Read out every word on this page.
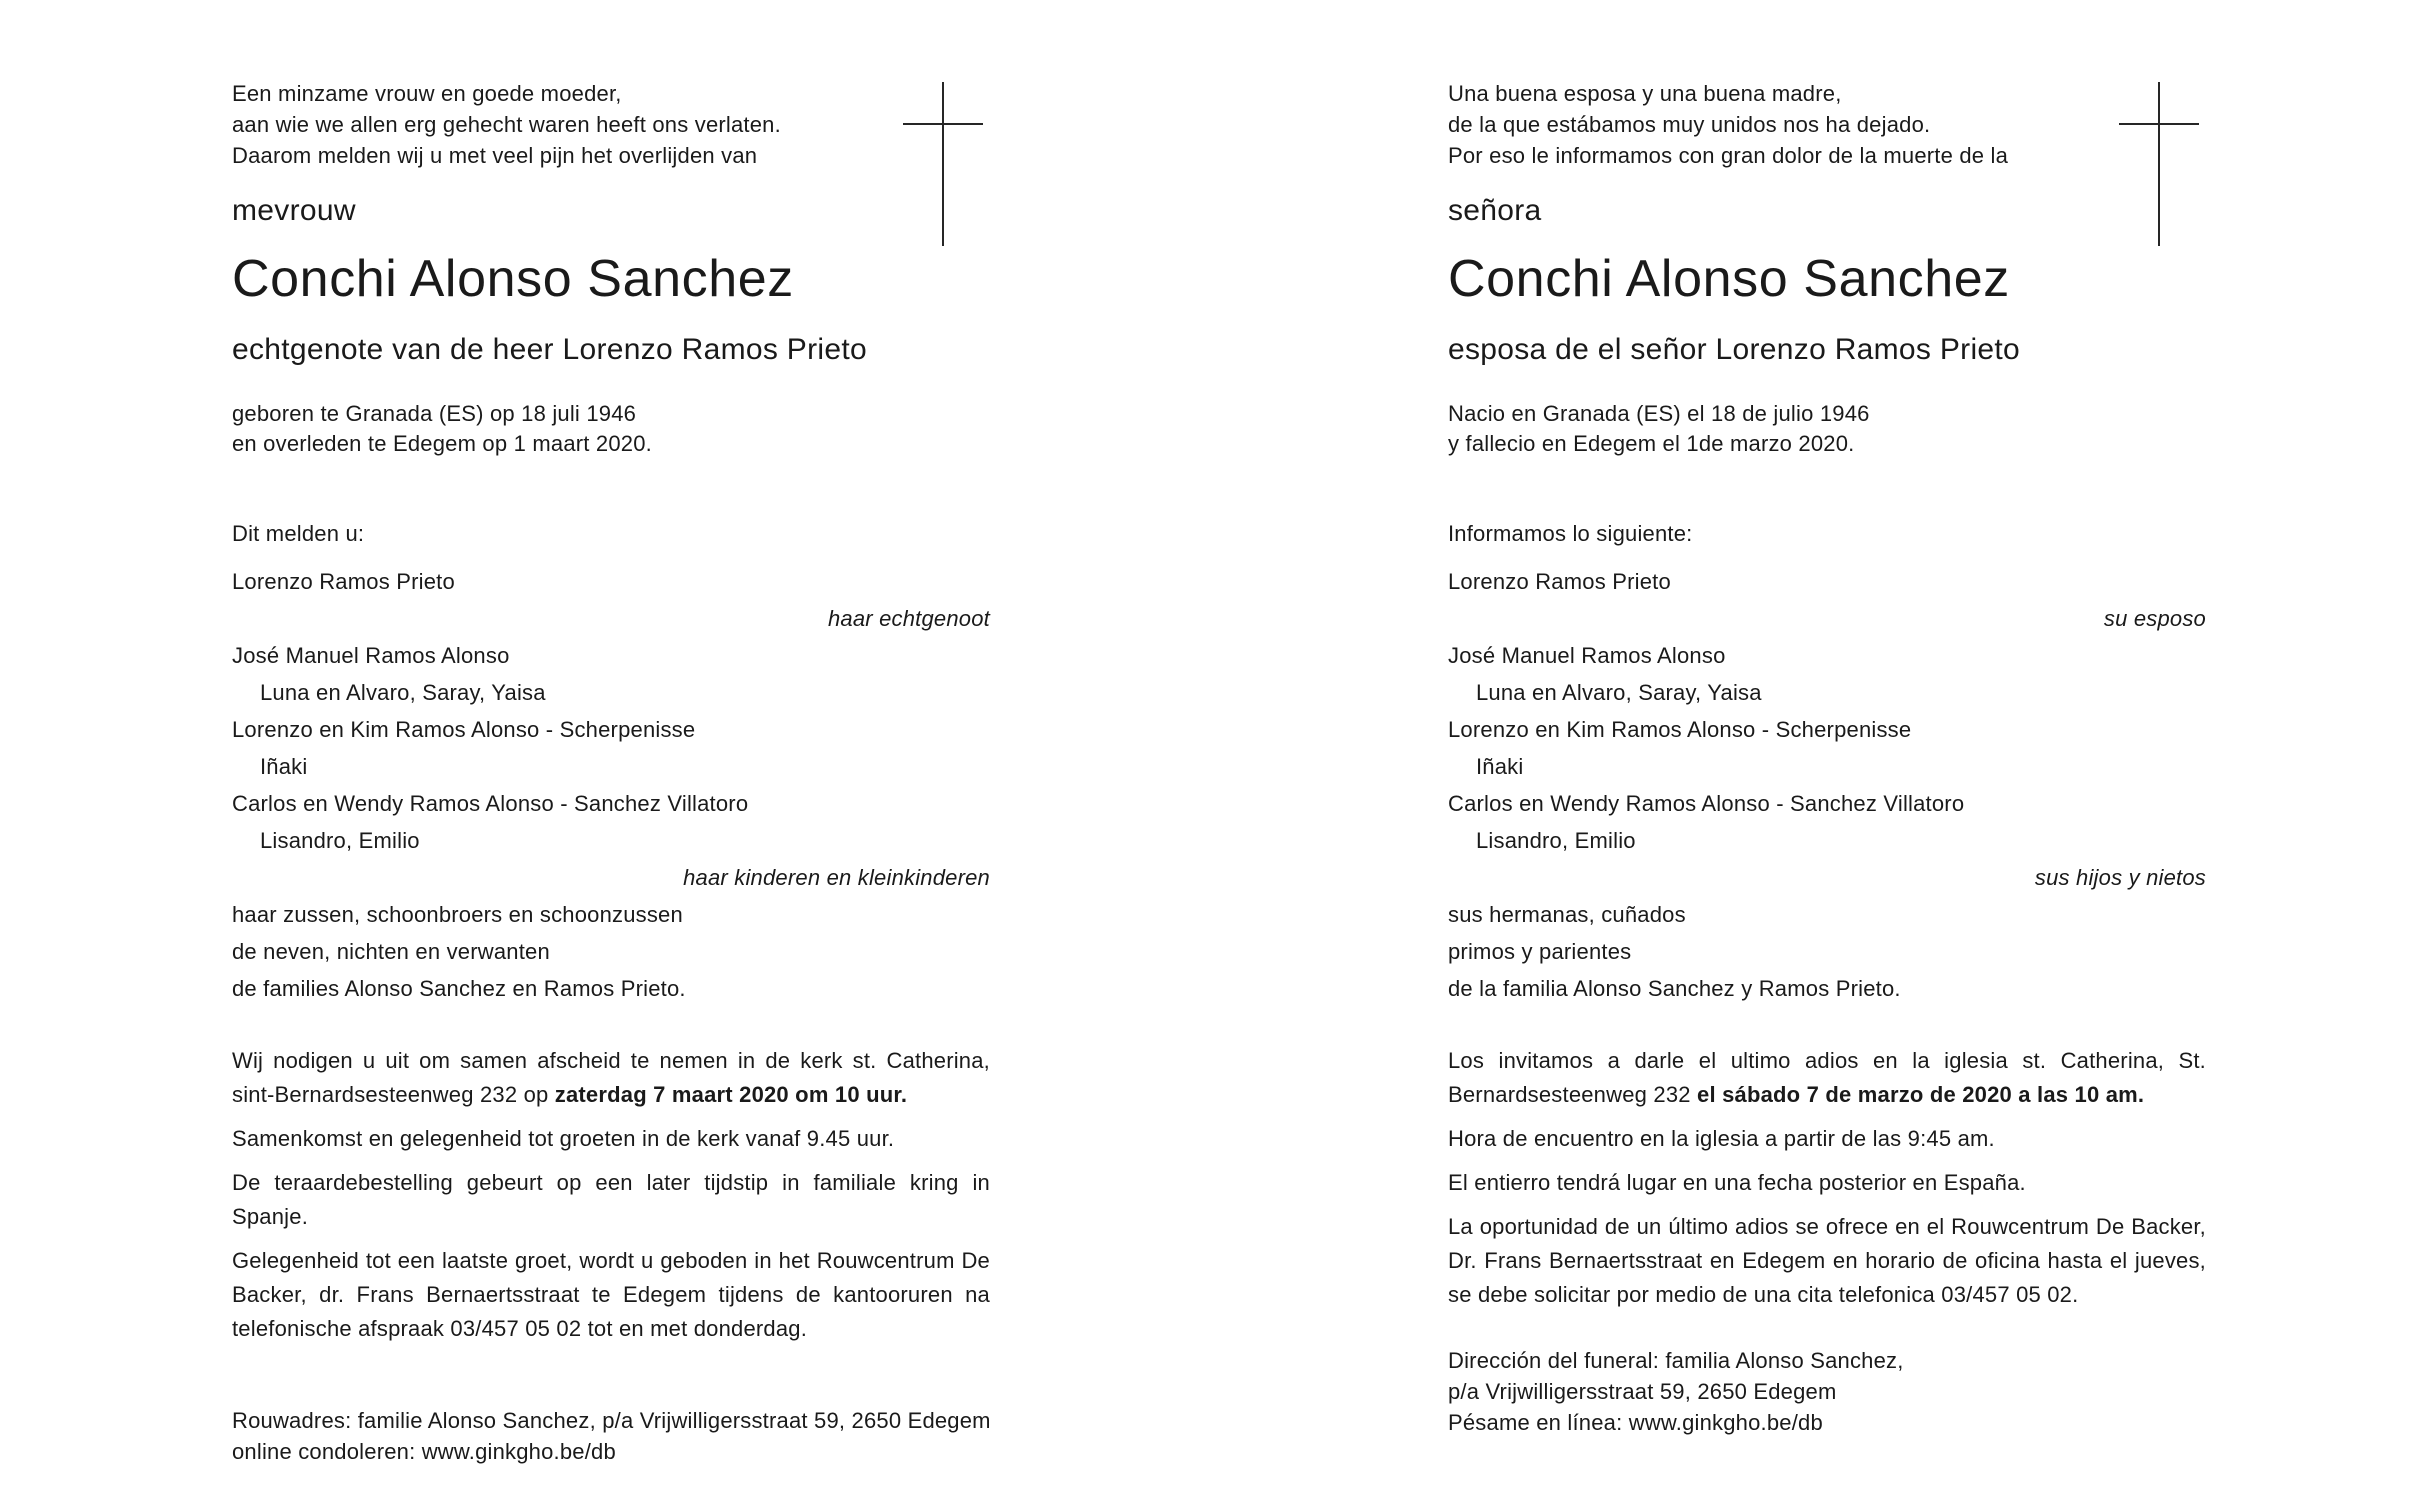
Een minzame vrouw en goede moeder,
aan wie we allen erg gehecht waren heeft ons verlaten.
Daarom melden wij u met veel pijn het overlijden van
mevrouw
Conchi Alonso Sanchez
echtgenote van de heer Lorenzo Ramos Prieto
geboren te Granada (ES) op 18 juli 1946
en overleden te Edegem op 1 maart 2020.
Dit melden u:
Lorenzo Ramos Prieto
haar echtgenoot
José Manuel Ramos Alonso
Luna en Alvaro, Saray, Yaisa
Lorenzo en Kim Ramos Alonso - Scherpenisse
Iñaki
Carlos en Wendy Ramos Alonso - Sanchez Villatoro
Lisandro, Emilio
haar kinderen en kleinkinderen
haar zussen, schoonbroers en schoonzussen
de neven, nichten en verwanten
de families Alonso Sanchez en Ramos Prieto.

Wij nodigen u uit om samen afscheid te nemen in de kerk st. Catherina, sint-Bernardsesteenweg 232 op zaterdag 7 maart 2020 om 10 uur.

Samenkomst en gelegenheid tot groeten in de kerk vanaf 9.45 uur.

De teraardebestelling gebeurt op een later tijdstip in familiale kring in Spanje.

Gelegenheid tot een laatste groet, wordt u geboden in het Rouwcentrum De Backer, dr. Frans Bernaertsstraat te Edegem tijdens de kantooruren na telefonische afspraak 03/457 05 02 tot en met donderdag.

Rouwadres: familie Alonso Sanchez, p/a Vrijwilligersstraat 59, 2650 Edegem
online condoleren: www.ginkgho.be/db
Una buena esposa y una buena madre,
de la que estábamos muy unidos nos ha dejado.
Por eso le informamos con gran dolor de la muerte de la
señora
Conchi Alonso Sanchez
esposa de el señor Lorenzo Ramos Prieto
Nacio en Granada (ES) el 18 de julio 1946
y fallecio en Edegem el 1de marzo 2020.
Informamos lo siguiente:
Lorenzo Ramos Prieto
su esposo
José Manuel Ramos Alonso
Luna en Alvaro, Saray, Yaisa
Lorenzo en Kim Ramos Alonso - Scherpenisse
Iñaki
Carlos en Wendy Ramos Alonso - Sanchez Villatoro
Lisandro, Emilio
sus hijos y nietos
sus hermanas, cuñados
primos y parientes
de la familia Alonso Sanchez y Ramos Prieto.

Los invitamos a darle el ultimo adios en la iglesia st. Catherina, St. Bernardsesteenweg 232 el sábado 7 de marzo de 2020 a las 10 am.

Hora de encuentro en la iglesia a partir de las 9:45 am.

El entierro tendrá lugar en una fecha posterior en España.

La oportunidad de un último adios se ofrece en el Rouwcentrum De Backer, Dr. Frans Bernaertsstraat en Edegem en horario de oficina hasta el jueves, se debe solicitar por medio de una cita telefonica 03/457 05 02.

Dirección del funeral: familia Alonso Sanchez,
p/a Vrijwilligersstraat 59, 2650 Edegem
Pésame en línea: www.ginkgho.be/db
